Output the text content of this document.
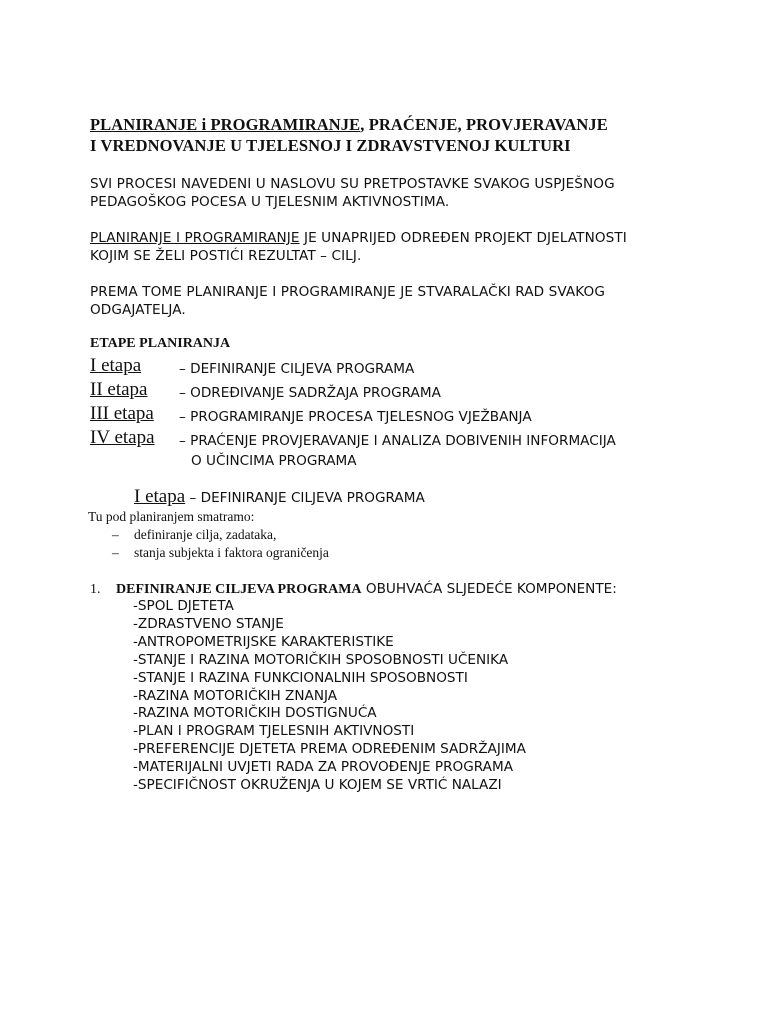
PLANIRANJE i PROGRAMIRANJE, PRAĆENJE, PROVJERAVANJE
I VREDNOVANJE U TJELESNOJ I ZDRAVSTVENOJ KULTURI
SVI PROCESI NAVEDENI U NASLOVU SU PRETPOSTAVKE SVAKOG USPJEŠNOG
PEDAGOŠKOG POCESA U TJELESNIM AKTIVNOSTIMA.
PLANIRANJE I PROGRAMIRANJE JE UNAPRIJED ODREĐEN PROJEKT DJELATNOSTI
KOJIM SE ŽELI POSTIĆI REZULTAT – CILJ.
PREMA TOME PLANIRANJE I PROGRAMIRANJE JE STVARALAČKI RAD SVAKOG
ODGAJATELJA.
ETAPE PLANIRANJA
I etapa	– DEFINIRANJE CILJEVA PROGRAMA
II etapa	– ODREĐIVANJE SADRŽAJA PROGRAMA
III etapa	– PROGRAMIRANJE PROCESA TJELESNOG VJEŽBANJA
IV etapa	– PRAĆENJE PROVJERAVANJE I ANALIZA DOBIVENIH INFORMACIJA
O UČINCIMA PROGRAMA
I etapa – DEFINIRANJE CILJEVA PROGRAMA
Tu pod planiranjem smatramo:
– definiranje cilja, zadataka,
– stanja subjekta i faktora ograničenja
1. DEFINIRANJE CILJEVA PROGRAMA OBUHVAĆA SLJEDEĆE KOMPONENTE:
-SPOL DJETETA
-ZDRASTVENO STANJE
-ANTROPOMETRIJSKE KARAKTERISTIKE
-STANJE I RAZINA MOTORIČKIH SPOSOBNOSTI UČENIKA
-STANJE I RAZINA FUNKCIONALNIH SPOSOBNOSTI
-RAZINA MOTORIČKIH ZNANJA
-RAZINA MOTORIČKIH DOSTIGNUĆA
-PLAN I PROGRAM TJELESNIH AKTIVNOSTI
-PREFERENCIJE DJETETA PREMA ODREĐENIM SADRŽAJIMA
-MATERIJALNI UVJETI RADA ZA PROVOĐENJE PROGRAMA
-SPECIFIČNOST OKRUŽENJA U KOJEM SE VRTIĆ NALAZI
